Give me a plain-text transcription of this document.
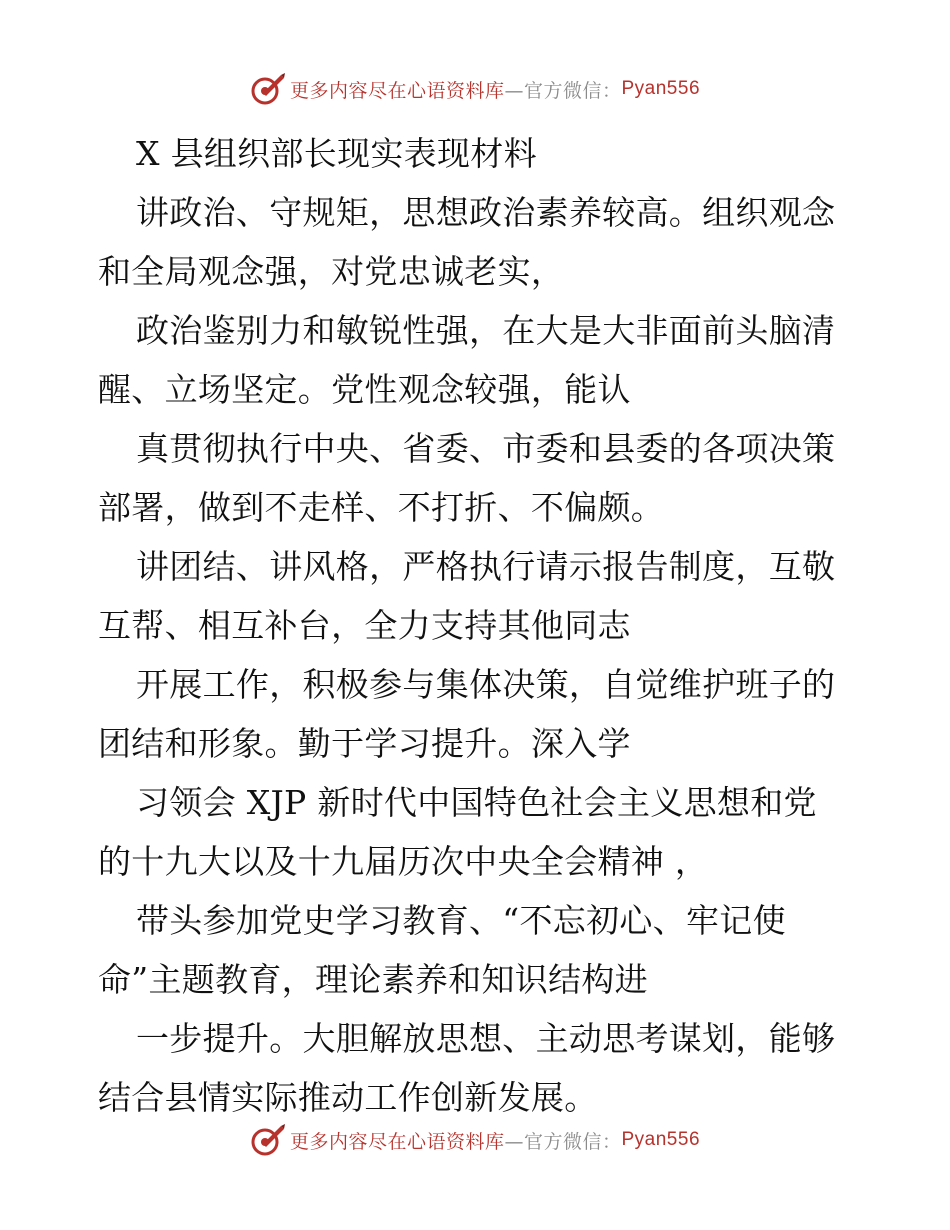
更多内容尽在心语资料库 —官方微信： Pyan556
X 县组织部长现实表现材料
讲政治、守规矩，思想政治素养较高。组织观念
和全局观念强，对党忠诚老实，
政治鉴别力和敏锐性强，在大是大非面前头脑清
醒、立场坚定。党性观念较强，能认
真贯彻执行中央、省委、市委和县委的各项决策
部署，做到不走样、不打折、不偏颇。
讲团结、讲风格，严格执行请示报告制度，互敬
互帮、相互补台，全力支持其他同志
开展工作，积极参与集体决策，自觉维护班子的
团结和形象。勤于学习提升。深入学
习领会 XJP 新时代中国特色社会主义思想和党
的十九大以及十九届历次中央全会精神 ，
带头参加党史学习教育、“不忘初心、牢记使
命”主题教育，理论素养和知识结构进
一步提升。大胆解放思想、主动思考谋划，能够
结合县情实际推动工作创新发展。
更多内容尽在心语资料库 —官方微信： Pyan556
